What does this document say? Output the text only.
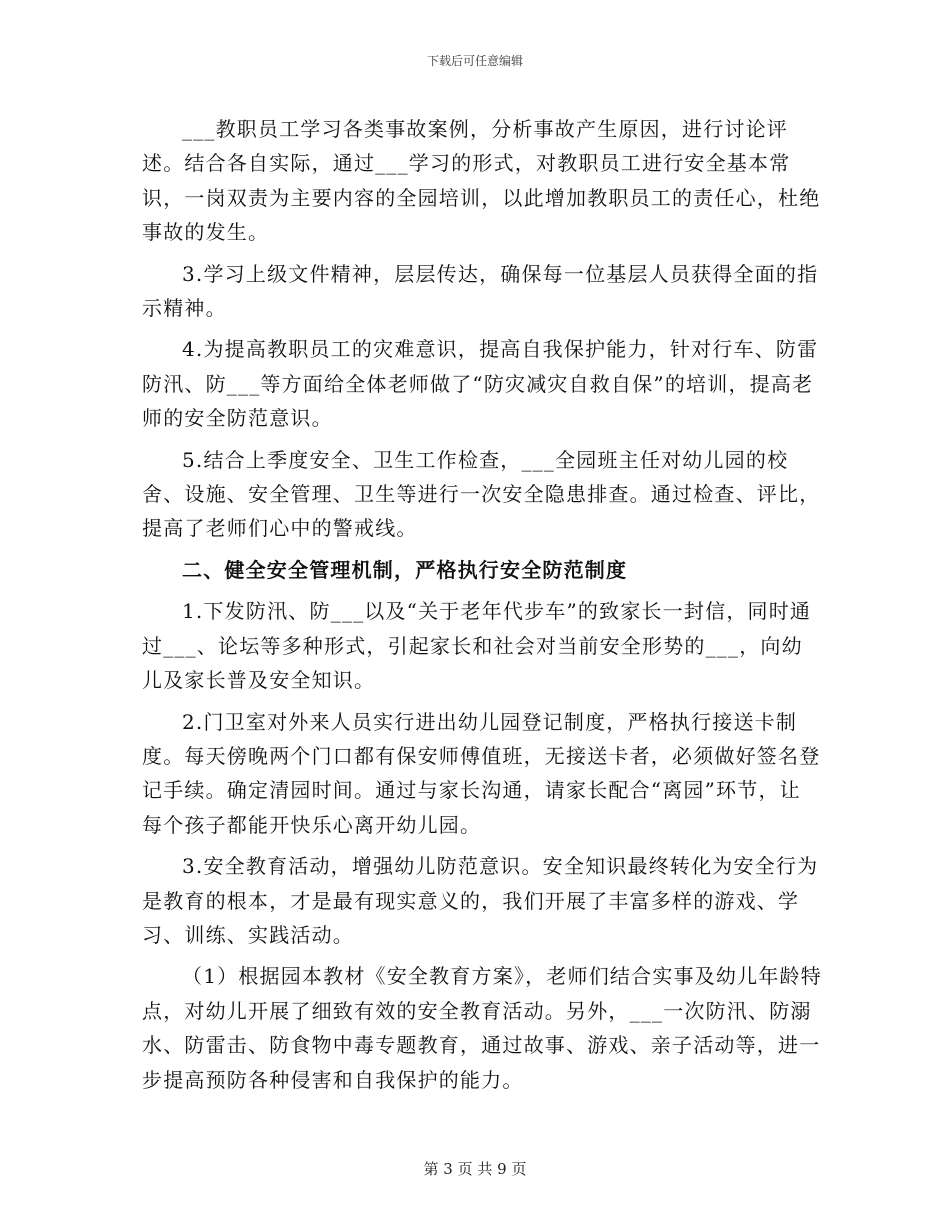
下载后可任意编辑

___教职员工学习各类事故案例，分析事故产生原因，进行讨论评述。结合各自实际，通过___学习的形式，对教职员工进行安全基本常识，一岗双责为主要内容的全园培训，以此增加教职员工的责任心，杜绝事故的发生。

3.学习上级文件精神，层层传达，确保每一位基层人员获得全面的指示精神。

4.为提高教职员工的灾难意识，提高自我保护能力，针对行车、防雷防汛、防___等方面给全体老师做了“防灾减灾自救自保”的培训，提高老师的安全防范意识。

5.结合上季度安全、卫生工作检查，___全园班主任对幼儿园的校舍、设施、安全管理、卫生等进行一次安全隐患排查。通过检查、评比，提高了老师们心中的警戒线。

二、健全安全管理机制，严格执行安全防范制度

1.下发防汛、防___以及“关于老年代步车”的致家长一封信，同时通过___、论坛等多种形式，引起家长和社会对当前安全形势的___，向幼儿及家长普及安全知识。

2.门卫室对外来人员实行进出幼儿园登记制度，严格执行接送卡制度。每天傍晚两个门口都有保安师傅值班，无接送卡者，必须做好签名登记手续。确定清园时间。通过与家长沟通，请家长配合“离园”环节，让每个孩子都能开快乐心离开幼儿园。

3.安全教育活动，增强幼儿防范意识。安全知识最终转化为安全行为是教育的根本，才是最有现实意义的，我们开展了丰富多样的游戏、学习、训练、实践活动。

（1）根据园本教材《安全教育方案》，老师们结合实事及幼儿年龄特点，对幼儿开展了细致有效的安全教育活动。另外，___一次防汛、防溺水、防雷击、防食物中毒专题教育，通过故事、游戏、亲子活动等，进一步提高预防各种侵害和自我保护的能力。

第 3 页 共 9 页
